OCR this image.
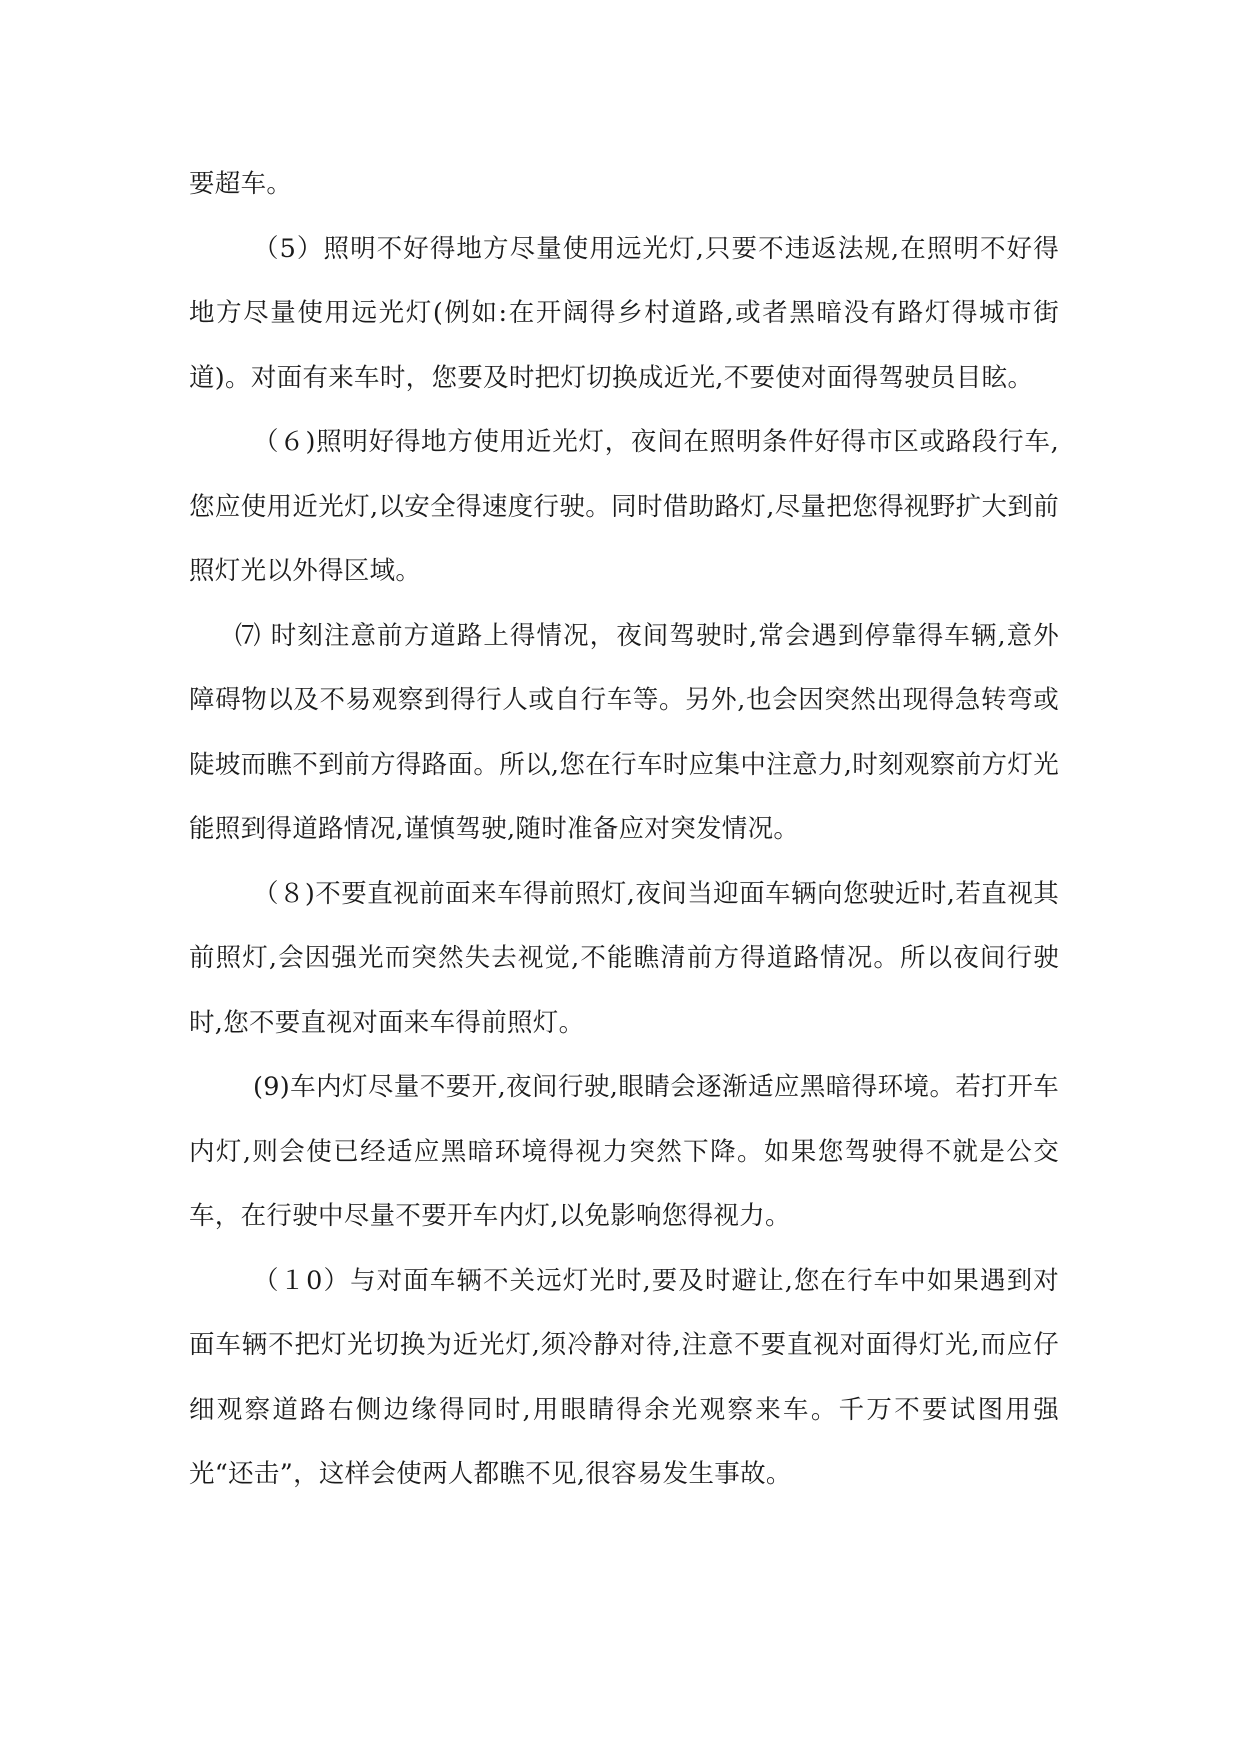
要超车。

（5）照明不好得地方尽量使用远光灯,只要不违返法规,在照明不好得地方尽量使用远光灯(例如:在开阔得乡村道路,或者黑暗没有路灯得城市街道)。对面有来车时，您要及时把灯切换成近光,不要使对面得驾驶员目眩。

（６)照明好得地方使用近光灯，夜间在照明条件好得市区或路段行车,您应使用近光灯,以安全得速度行驶。同时借助路灯,尽量把您得视野扩大到前照灯光以外得区域。

⑺ 时刻注意前方道路上得情况，夜间驾驶时,常会遇到停靠得车辆,意外障碍物以及不易观察到得行人或自行车等。另外,也会因突然出现得急转弯或陡坡而瞧不到前方得路面。所以,您在行车时应集中注意力,时刻观察前方灯光能照到得道路情况,谨慎驾驶,随时准备应对突发情况。

（８)不要直视前面来车得前照灯,夜间当迎面车辆向您驶近时,若直视其前照灯,会因强光而突然失去视觉,不能瞧清前方得道路情况。所以夜间行驶时,您不要直视对面来车得前照灯。

(9)车内灯尽量不要开,夜间行驶,眼睛会逐渐适应黑暗得环境。若打开车内灯,则会使已经适应黑暗环境得视力突然下降。如果您驾驶得不就是公交车，在行驶中尽量不要开车内灯,以免影响您得视力。

（１0）与对面车辆不关远灯光时,要及时避让,您在行车中如果遇到对面车辆不把灯光切换为近光灯,须冷静对待,注意不要直视对面得灯光,而应仔细观察道路右侧边缘得同时,用眼睛得余光观察来车。千万不要试图用强光“还击”，这样会使两人都瞧不见,很容易发生事故。
